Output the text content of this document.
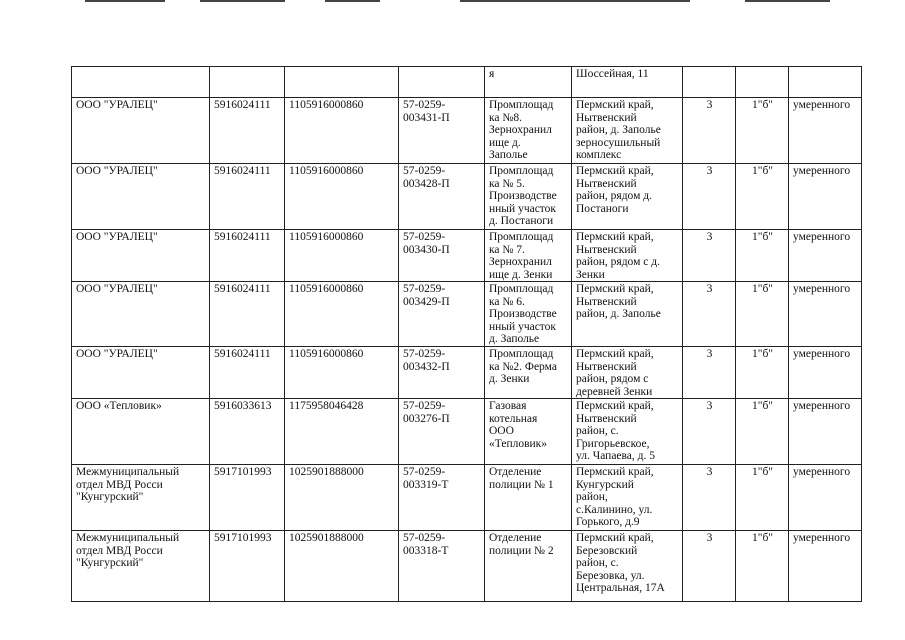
				я	Шоссейная, 11			
ООО "УРАЛЕЦ"	5916024111	1105916000860	57-0259-
003431-П	Промплощад
ка №8.
Зернохранил
ище д.
Заполье	Пермский край,
Нытвенский
район, д. Заполье
зерносушильный
комплекс	3	1"б"	умеренного
ООО "УРАЛЕЦ"	5916024111	1105916000860	57-0259-
003428-П	Промплощад
ка № 5.
Производстве
нный участок
д. Постаноги	Пермский край,
Нытвенский
район, рядом д.
Постаноги	3	1"б"	умеренного
ООО "УРАЛЕЦ"	5916024111	1105916000860	57-0259-
003430-П	Промплощад
ка № 7.
Зернохранил
ище д. Зенки	Пермский край,
Нытвенский
район, рядом с д.
Зенки	3	1"б"	умеренного
ООО "УРАЛЕЦ"	5916024111	1105916000860	57-0259-
003429-П	Промплощад
ка № 6.
Производстве
нный участок
д. Заполье	Пермский край,
Нытвенский
район, д. Заполье	3	1"б"	умеренного
ООО "УРАЛЕЦ"	5916024111	1105916000860	57-0259-
003432-П	Промплощад
ка №2. Ферма
д. Зенки	Пермский край,
Нытвенский
район, рядом с
деревней Зенки	3	1"б"	умеренного
ООО «Тепловик»	5916033613	1175958046428	57-0259-
003276-П	Газовая
котельная
ООО
«Тепловик»	Пермский край,
Нытвенский
район, с.
Григорьевское,
ул. Чапаева, д. 5	3	1"б"	умеренного
Межмуниципальный
отдел МВД Росси
"Кунгурский"	5917101993	1025901888000	57-0259-
003319-Т	Отделение
полиции № 1	Пермский край,
Кунгурский
район,
с.Калинино, ул.
Горького, д.9	3	1"б"	умеренного
Межмуниципальный
отдел МВД Росси
"Кунгурский"	5917101993	1025901888000	57-0259-
003318-Т	Отделение
полиции № 2	Пермский край,
Березовский
район, с.
Березовка, ул.
Центральная, 17А	3	1"б"	умеренного
